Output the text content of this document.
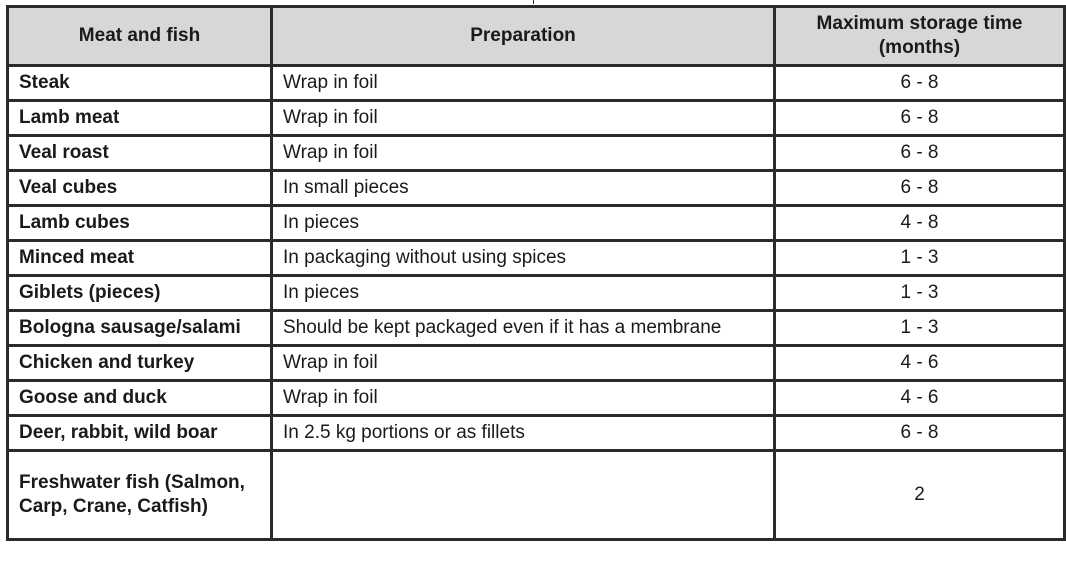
Meat and fish	Preparation	Maximum storage time (months)
Steak	Wrap in foil	6 - 8
Lamb meat	Wrap in foil	6 - 8
Veal roast	Wrap in foil	6 - 8
Veal cubes	In small pieces	6 - 8
Lamb cubes	In pieces	4 - 8
Minced meat	In packaging without using spices	1 - 3
Giblets (pieces)	In pieces	1 - 3
Bologna sausage/salami	Should be kept packaged even if it has a membrane	1 - 3
Chicken and turkey	Wrap in foil	4 - 6
Goose and duck	Wrap in foil	4 - 6
Deer, rabbit, wild boar	In 2.5 kg portions or as fillets	6 - 8
Freshwater fish (Salmon, Carp, Crane, Catfish)		2
